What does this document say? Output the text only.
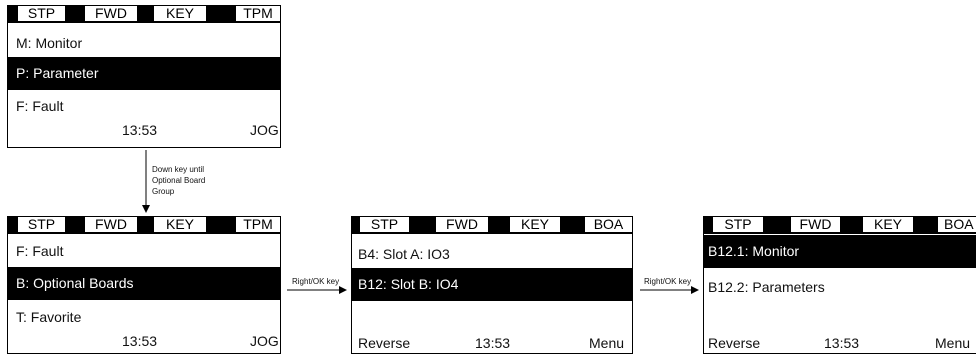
Down key until
Optional Board
Group
Right/OK key	Right/OK key
STP	FWD	KEY	TPM
M: Monitor
P: Parameter
F: Fault
13:53	JOG
STP	FWD	KEY	TPM
F: Fault
B: Optional Boards
T: Favorite
13:53	JOG
STP	FWD	KEY	BOA
B4: Slot A: IO3
B12: Slot B: IO4
Reverse	13:53	Menu
STP	FWD	KEY	BOA
B12.1: Monitor
B12.2: Parameters
Reverse	13:53	Menu
